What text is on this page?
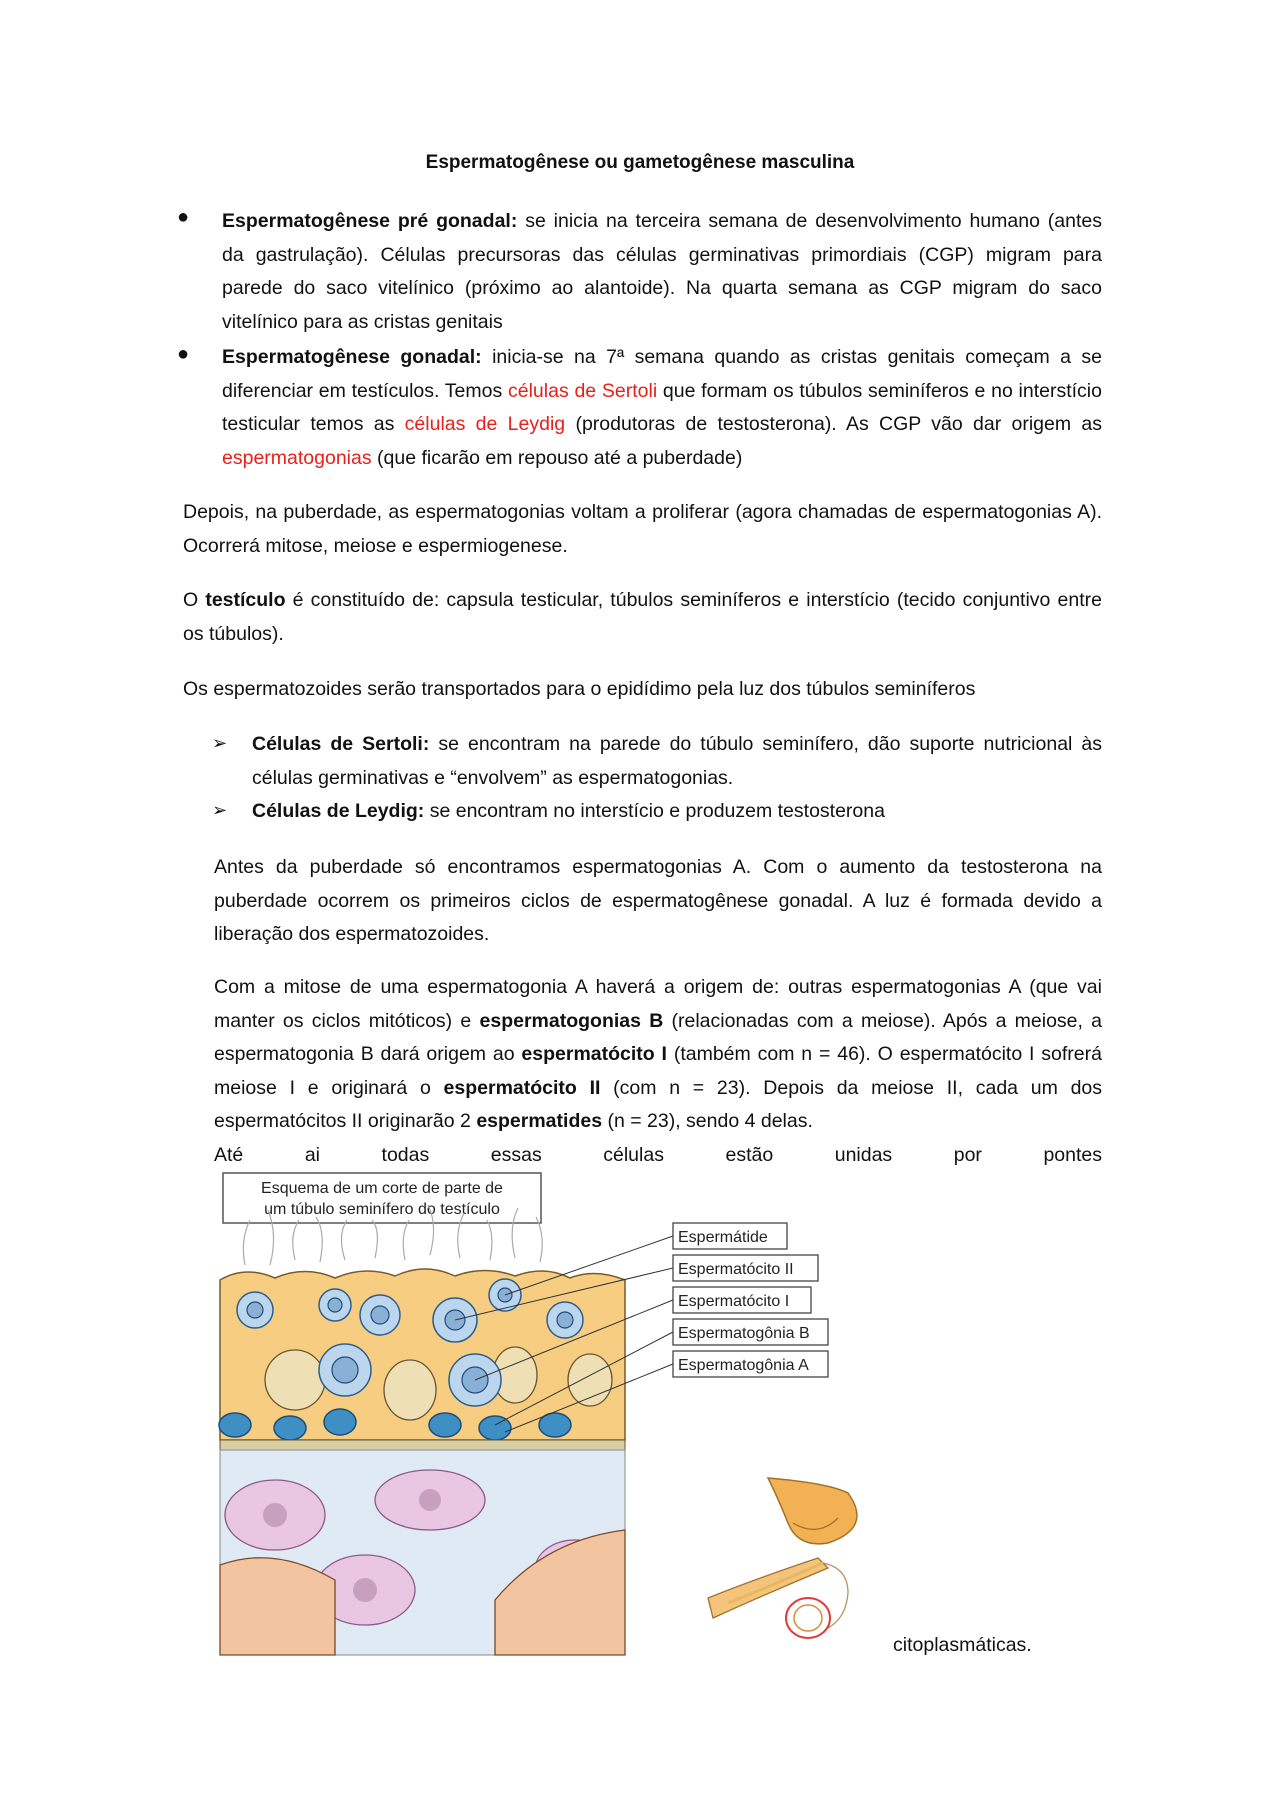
Espermatogênese ou gametogênese masculina
● Espermatogênese pré gonadal: se inicia na terceira semana de desenvolvimento humano (antes da gastrulação). Células precursoras das células germinativas primordiais (CGP) migram para parede do saco vitelínico (próximo ao alantoide). Na quarta semana as CGP migram do saco vitelínico para as cristas genitais
● Espermatogênese gonadal: inicia-se na 7ª semana quando as cristas genitais começam a se diferenciar em testículos. Temos células de Sertoli que formam os túbulos seminíferos e no interstício testicular temos as células de Leydig (produtoras de testosterona). As CGP vão dar origem as espermatogonias (que ficarão em repouso até a puberdade)
Depois, na puberdade, as espermatogonias voltam a proliferar (agora chamadas de espermatogonias A). Ocorrerá mitose, meiose e espermiogenese.
O testículo é constituído de: capsula testicular, túbulos seminíferos e interstício (tecido conjuntivo entre os túbulos).
Os espermatozoides serão transportados para o epidídimo pela luz dos túbulos seminíferos
➢ Células de Sertoli: se encontram na parede do túbulo seminífero, dão suporte nutricional às células germinativas e “envolvem” as espermatogonias.
➢ Células de Leydig: se encontram no interstício e produzem testosterona
Antes da puberdade só encontramos espermatogonias A. Com o aumento da testosterona na puberdade ocorrem os primeiros ciclos de espermatogênese gonadal. A luz é formada devido a liberação dos espermatozoides.
Com a mitose de uma espermatogonia A haverá a origem de: outras espermatogonias A (que vai manter os ciclos mitóticos) e espermatogonias B (relacionadas com a meiose). Após a meiose, a espermatogonia B dará origem ao espermatócito I (também com n = 46). O espermatócito I sofrerá meiose I e originará o espermatócito II (com n = 23). Depois da meiose II, cada um dos espermatócitos II originarão 2 espermatides (n = 23), sendo 4 delas.
Até	ai	todas	essas	células	estão	unidas	por	pontes
Esquema de um corte de parte de
um túbulo seminífero do testículo
Espermátide
Espermatócito II
Espermatócito I
Espermatogônia B
Espermatogônia A
citoplasmáticas.
